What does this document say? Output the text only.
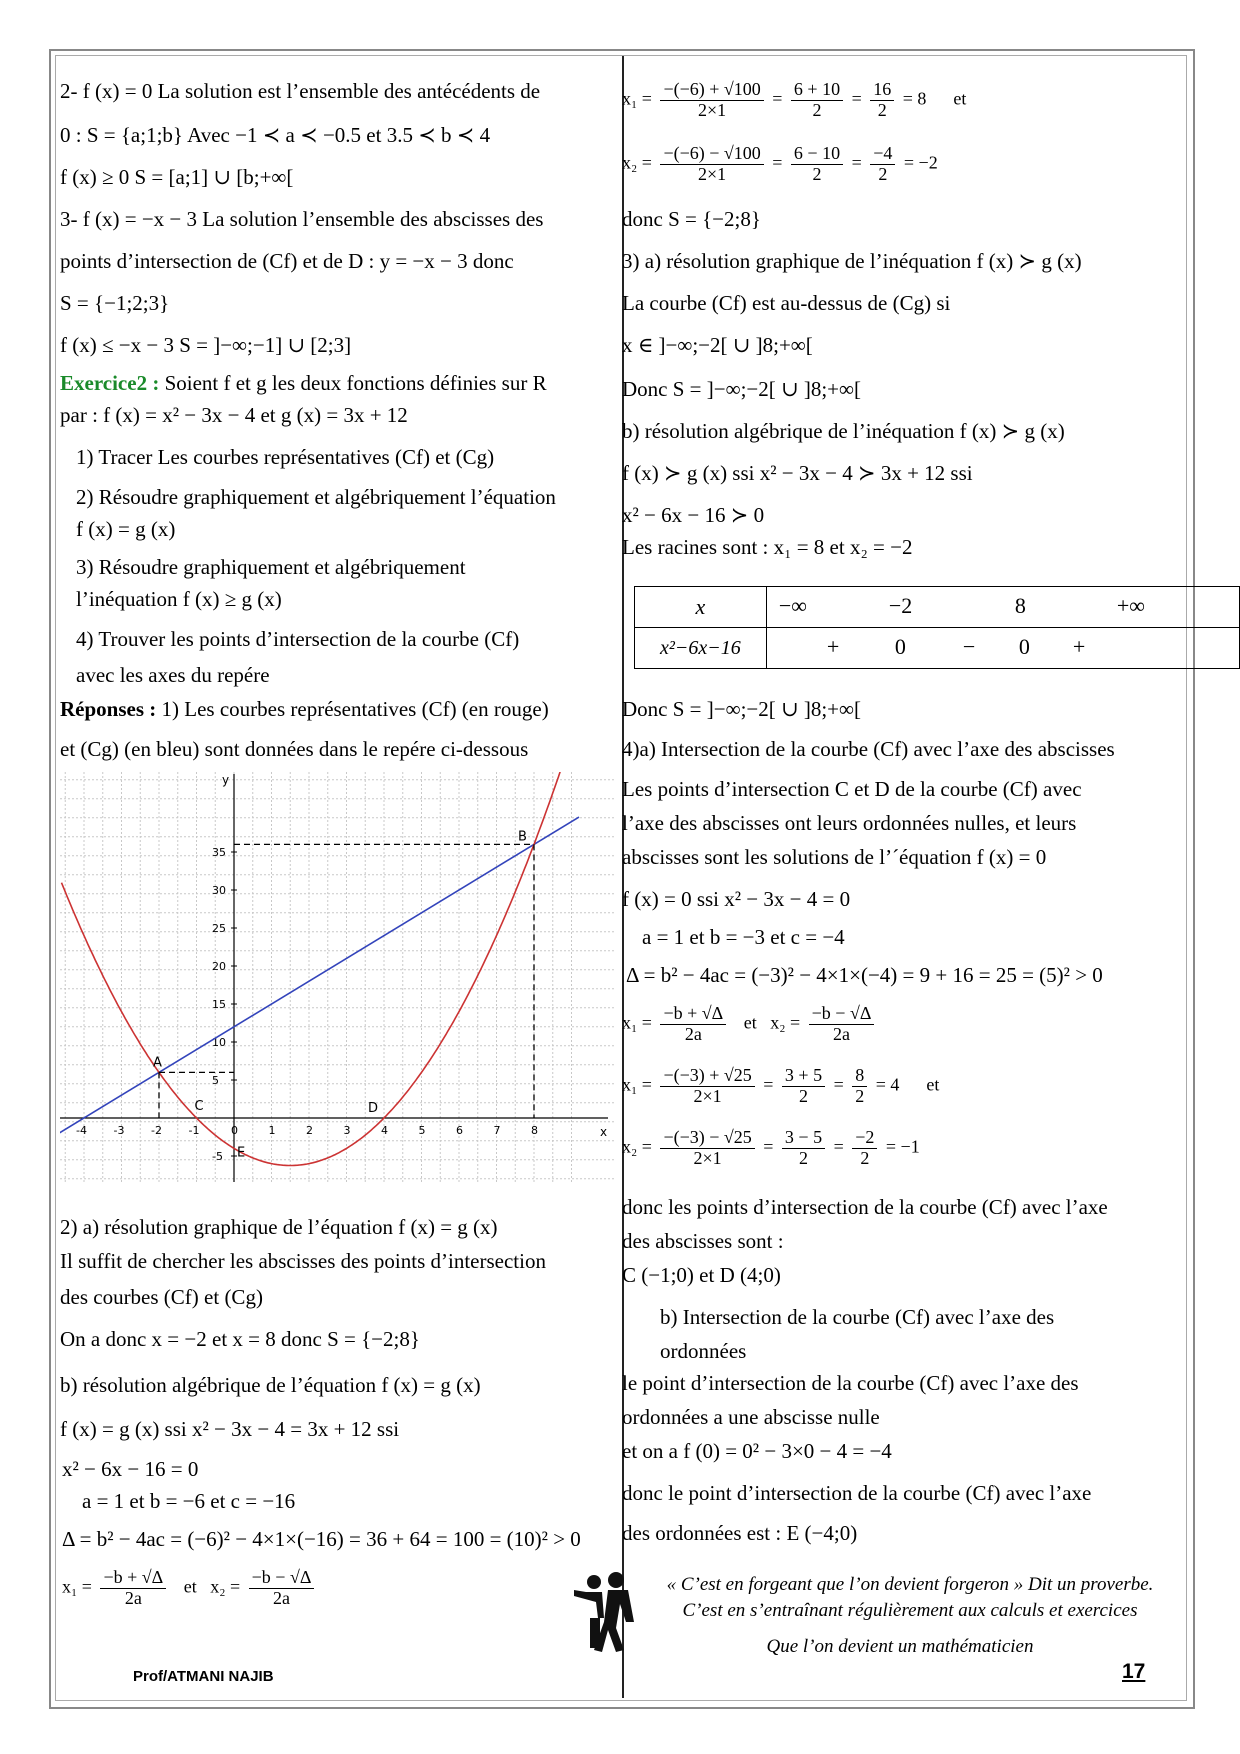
2- f (x) = 0 La solution est l’ensemble des antécédents de
0 : S = {a;1;b} Avec −1 ≺ a ≺ −0.5 et 3.5 ≺ b ≺ 4
f (x) ≥ 0 S = [a;1] ∪ [b;+∞[
3- f (x) = −x − 3 La solution l’ensemble des abscisses des
points d’intersection de (Cf) et de D : y = −x − 3 donc
S = {−1;2;3}
f (x) ≤ −x − 3 S = ]−∞;−1] ∪ [2;3]
Exercice2 : Soient f et g les deux fonctions définies sur R
par : f (x) = x² − 3x − 4 et g (x) = 3x + 12
1) Tracer Les courbes représentatives (Cf) et (Cg)
2) Résoudre graphiquement et algébriquement l’équation
f (x) = g (x)
3) Résoudre graphiquement et algébriquement
l’inéquation f (x) ≥ g (x)
4) Trouver les points d’intersection de la courbe (Cf)
avec les axes du repére
Réponses : 1) Les courbes représentatives (Cf) (en rouge)
et (Cg) (en bleu) sont données dans le repére ci-dessous
x
y
-4 -3 -2 -1	0	1	2	3	4	5	6	7	8
35
30
25
20
15
10
5
-5
A
B
C	D
E
2) a) résolution graphique de l’équation f (x) = g (x)
Il suffit de chercher les abscisses des points d’intersection
des courbes (Cf) et (Cg)
On a donc x = −2 et x = 8 donc S = {−2;8}
b) résolution algébrique de l’équation f (x) = g (x)
f (x) = g (x) ssi x² − 3x − 4 = 3x + 12 ssi
x² − 6x − 16 = 0
a = 1 et b = −6 et c = −16
Δ = b² − 4ac = (−6)² − 4×1×(−16) = 36 + 64 = 100 = (10)² > 0
$x_1 = \frac{-b + √\Delta}{2a}$ et $x_2 = \frac{-b - √\Delta}{2a}$
$x_1 = \frac{-(-6) + √100}{2\times 1} = \frac{6 + 10}{2} = \frac{16}{2} = 8$ et
$x_2 = \frac{-(-6) - √100}{2\times 1} = \frac{6 - 10}{2} = \frac{-4}{2} = -2$
donc S = {−2;8}
3) a) résolution graphique de l’inéquation f (x) ≻ g (x)
La courbe (Cf) est au-dessus de (Cg) si
x ∈ ]−∞;−2[ ∪ ]8;+∞[
Donc S = ]−∞;−2[ ∪ ]8;+∞[
b) résolution algébrique de l’inéquation f (x) ≻ g (x)
f (x) ≻ g (x) ssi x² − 3x − 4 ≻ 3x + 12 ssi
x² − 6x − 16 ≻ 0
Les racines sont : x₁ = 8 et x₂ = −2
x	−∞ −2 8 +∞

x²−6x−16	+ 0 − 0 +
Donc S = ]−∞;−2[ ∪ ]8;+∞[
4)a) Intersection de la courbe (Cf) avec l’axe des abscisses
Les points d’intersection C et D de la courbe (Cf) avec
l’axe des abscisses ont leurs ordonnées nulles, et leurs
abscisses sont les solutions de l’´équation f (x) = 0
f (x) = 0 ssi x² − 3x − 4 = 0
a = 1 et b = −3 et c = −4
Δ = b² − 4ac = (−3)² − 4×1×(−4) = 9 + 16 = 25 = (5)² > 0
$x_1 = \frac{-b + √\Delta}{2a}$ et $x_2 = \frac{-b - √\Delta}{2a}$
$x_1 = \frac{-(-3) + √25}{2\times 1} = \frac{3 + 5}{2} = \frac{8}{2} = 4$ et
$x_2 = \frac{-(-3) - √25}{2\times 1} = \frac{3 - 5}{2} = \frac{-2}{2} = -1$
donc les points d’intersection de la courbe (Cf) avec l’axe
des abscisses sont :
C (−1;0) et D (4;0)
b) Intersection de la courbe (Cf) avec l’axe des
ordonnées
le point d’intersection de la courbe (Cf) avec l’axe des
ordonnées a une abscisse nulle
et on a f (0) = 0² − 3×0 − 4 = −4
donc le point d’intersection de la courbe (Cf) avec l’axe
des ordonnées est : E (−4;0)
« C’est en forgeant que l’on devient forgeron » Dit un proverbe.
C’est en s’entraînant régulièrement aux calculs et exercices
Que l’on devient un mathématicien
Prof/ATMANI NAJIB	17
